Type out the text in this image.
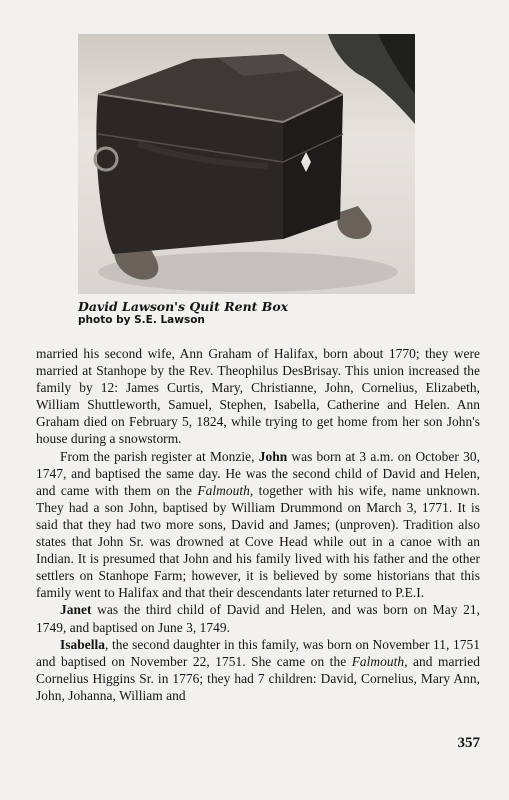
David Lawson's Quit Rent Box
photo by S.E. Lawson

married his second wife, Ann Graham of Halifax, born about 1770; they were married at Stanhope by the Rev. Theophilus DesBrisay. This union increased the family by 12: James Curtis, Mary, Christianne, John, Cornelius, Elizabeth, William Shuttleworth, Samuel, Stephen, Isabella, Catherine and Helen. Ann Graham died on February 5, 1824, while trying to get home from her son John's house during a snowstorm.

From the parish register at Monzie, John was born at 3 a.m. on October 30, 1747, and baptised the same day. He was the second child of David and Helen, and came with them on the Falmouth, together with his wife, name unknown. They had a son John, baptised by William Drummond on March 3, 1771. It is said that they had two more sons, David and James; (unproven). Tradition also states that John Sr. was drowned at Cove Head while out in a canoe with an Indian. It is presumed that John and his family lived with his father and the other settlers on Stanhope Farm; however, it is believed by some historians that this family went to Halifax and that their descendants later returned to P.E.I.

Janet was the third child of David and Helen, and was born on May 21, 1749, and baptised on June 3, 1749.

Isabella, the second daughter in this family, was born on November 11, 1751 and baptised on November 22, 1751. She came on the Falmouth, and married Cornelius Higgins Sr. in 1776; they had 7 children: David, Cornelius, Mary Ann, John, Johanna, William and

357
